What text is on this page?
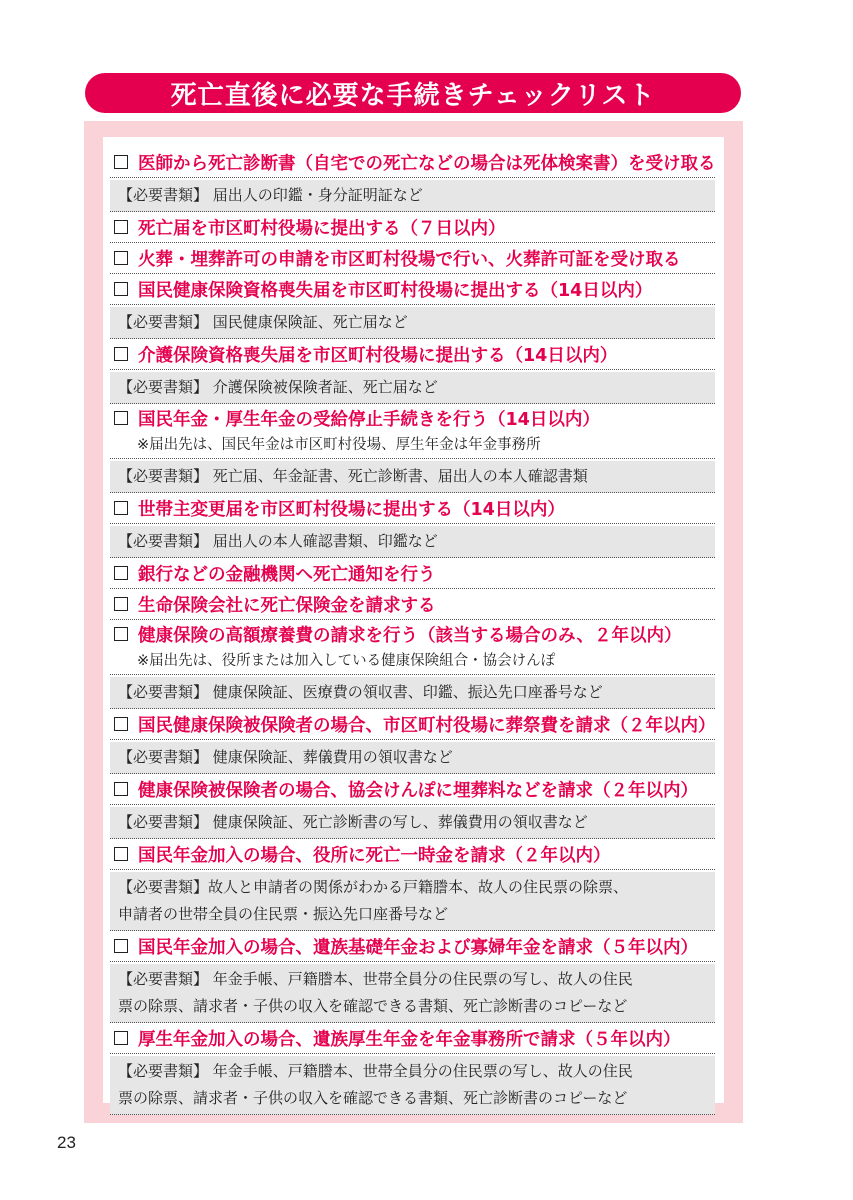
死亡直後に必要な手続きチェックリスト
医師から死亡診断書（自宅での死亡などの場合は死体検案書）を受け取る
【必要書類】 届出人の印鑑・身分証明証など
死亡届を市区町村役場に提出する（７日以内）
火葬・埋葬許可の申請を市区町村役場で行い、火葬許可証を受け取る
国民健康保険資格喪失届を市区町村役場に提出する（14日以内）
【必要書類】 国民健康保険証、死亡届など
介護保険資格喪失届を市区町村役場に提出する（14日以内）
【必要書類】 介護保険被保険者証、死亡届など
国民年金・厚生年金の受給停止手続きを行う（14日以内）
※届出先は、国民年金は市区町村役場、厚生年金は年金事務所
【必要書類】 死亡届、年金証書、死亡診断書、届出人の本人確認書類
世帯主変更届を市区町村役場に提出する（14日以内）
【必要書類】 届出人の本人確認書類、印鑑など
銀行などの金融機関へ死亡通知を行う
生命保険会社に死亡保険金を請求する
健康保険の高額療養費の請求を行う（該当する場合のみ、２年以内）
※届出先は、役所または加入している健康保険組合・協会けんぽ
【必要書類】 健康保険証、医療費の領収書、印鑑、振込先口座番号など
国民健康保険被保険者の場合、市区町村役場に葬祭費を請求（２年以内）
【必要書類】 健康保険証、葬儀費用の領収書など
健康保険被保険者の場合、協会けんぽに埋葬料などを請求（２年以内）
【必要書類】 健康保険証、死亡診断書の写し、葬儀費用の領収書など
国民年金加入の場合、役所に死亡一時金を請求（２年以内）
【必要書類】故人と申請者の関係がわかる戸籍謄本、故人の住民票の除票、
申請者の世帯全員の住民票・振込先口座番号など
国民年金加入の場合、遺族基礎年金および寡婦年金を請求（５年以内）
【必要書類】 年金手帳、戸籍謄本、世帯全員分の住民票の写し、故人の住民
票の除票、請求者・子供の収入を確認できる書類、死亡診断書のコピーなど
厚生年金加入の場合、遺族厚生年金を年金事務所で請求（５年以内）
【必要書類】 年金手帳、戸籍謄本、世帯全員分の住民票の写し、故人の住民
票の除票、請求者・子供の収入を確認できる書類、死亡診断書のコピーなど
23
